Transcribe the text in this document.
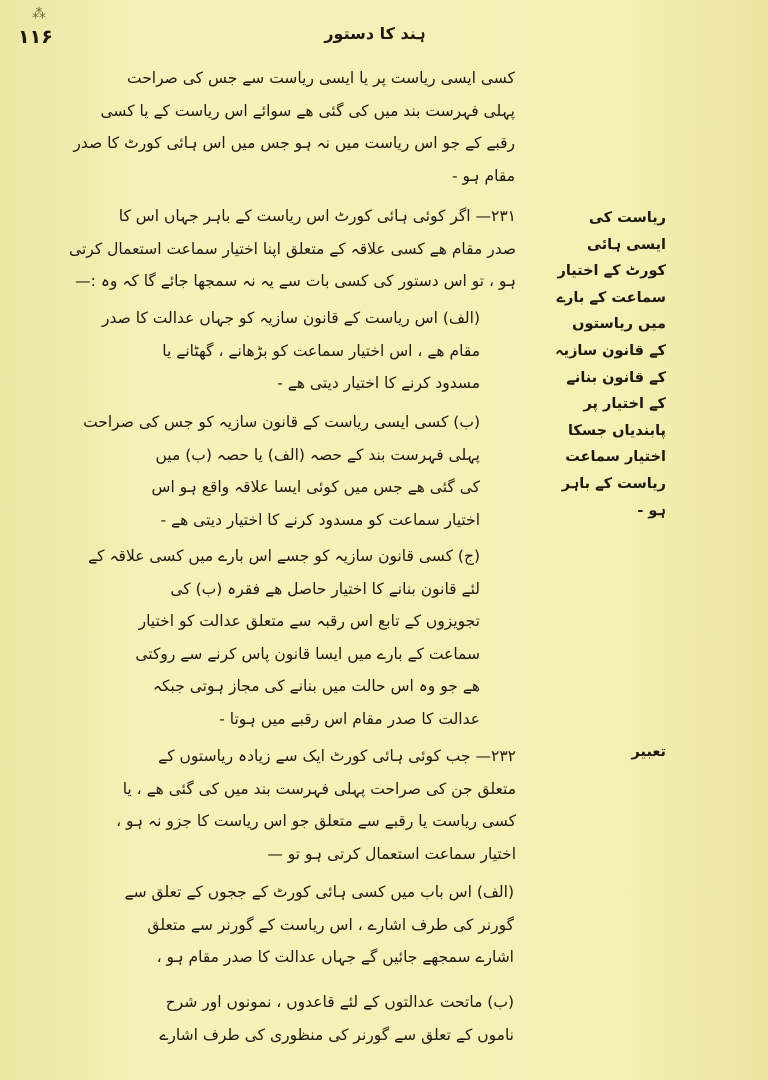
⁂
۱۱۶	ہند کا دستور
کسی ایسی ریاست پر یا ایسی ریاست سے جس کی صراحت
پہلی فہرست بند میں کی گئی ھے سوائے اس ریاست کے یا کسی
رقبے کے جو اس ریاست میں نہ ہو جس میں اس ہائی کورٹ کا صدر
مقام ہو -
۲۳۱— اگر کوئی ہائی کورٹ اس ریاست کے باہر جہاں اس کا
صدر مقام ھے کسی علاقہ کے متعلق اپنا اختیار سماعت استعمال کرتی
ہو ، تو اس دستور کی کسی بات سے یہ نہ سمجھا جائے گا کہ وہ :—
(الف) اس ریاست کے قانون سازیہ کو جہاں عدالت کا صدر
مقام ھے ، اس اختیار سماعت کو بڑھانے ، گھٹانے یا
مسدود کرنے کا اختیار دیتی ھے -
(ب) کسی ایسی ریاست کے قانون سازیہ کو جس کی صراحت
پہلی فہرست بند کے حصہ (الف) یا حصہ (ب) میں
کی گئی ھے جس میں کوئی ایسا علاقہ واقع ہو اس
اختیار سماعت کو مسدود کرنے کا اختیار دیتی ھے -
(ج) کسی قانون سازیہ کو جسے اس بارے میں کسی علاقہ کے
لئے قانون بنانے کا اختیار حاصل ھے فقرہ (ب) کی
تجویزوں کے تابع اس رقبہ سے متعلق عدالت کو اختیار
سماعت کے بارے میں ایسا قانون پاس کرنے سے روکتی
ھے جو وہ اس حالت میں بنانے کی مجاز ہوتی جبکہ
عدالت کا صدر مقام اس رقبے میں ہوتا -
۲۳۲— جب کوئی ہائی کورٹ ایک سے زیادہ ریاستوں کے
متعلق جن کی صراحت پہلی فہرست بند میں کی گئی ھے ، یا
کسی ریاست یا رقبے سے متعلق جو اس ریاست کا جزو نہ ہو ،
اختیار سماعت استعمال کرتی ہو تو —
(الف) اس باب میں کسی ہائی کورٹ کے ججوں کے تعلق سے
گورنر کی طرف اشارے ، اس ریاست کے گورنر سے متعلق
اشارے سمجھے جائیں گے جہاں عدالت کا صدر مقام ہو ،
(ب) ماتحت عدالتوں کے لئے قاعدوں ، نمونوں اور شرح
ناموں کے تعلق سے گورنر کی منظوری کی طرف اشارے
ریاست کی
ایسی ہائی
کورٹ کے اختیار
سماعت کے بارے
میں ریاستوں
کے قانون سازیہ
کے قانون بنانے
کے اختیار پر
پابندیاں جسکا
اختیار سماعت
ریاست کے باہر
ہو -
تعبیر
